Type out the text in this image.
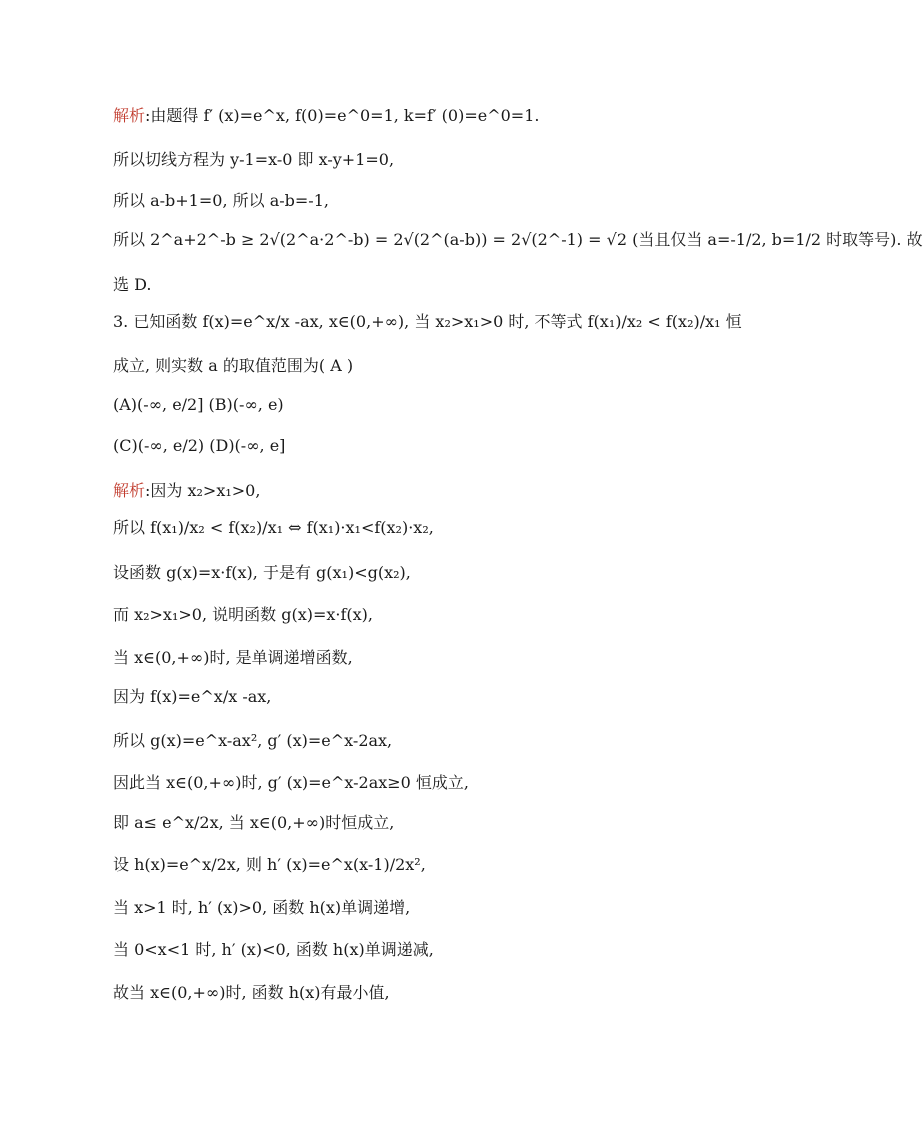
解析:由题得 f′ (x)=e^x, f(0)=e^0=1, k=f′ (0)=e^0=1.
所以切线方程为 y-1=x-0 即 x-y+1=0,
所以 a-b+1=0, 所以 a-b=-1,
所以 2^a+2^-b ≥ 2√(2^a·2^-b) = 2√(2^(a-b)) = 2√(2^-1) = √2 (当且仅当 a=-1/2, b=1/2 时取等号). 故
选 D.
3. 已知函数 f(x)=e^x/x -ax, x∈(0,+∞), 当 x₂>x₁>0 时, 不等式 f(x₁)/x₂ < f(x₂)/x₁ 恒
成立, 则实数 a 的取值范围为( A )
(A)(-∞, e/2] (B)(-∞, e)
(C)(-∞, e/2) (D)(-∞, e]
解析:因为 x₂>x₁>0,
所以 f(x₁)/x₂ < f(x₂)/x₁ ⇔ f(x₁)·x₁<f(x₂)·x₂,
设函数 g(x)=x·f(x), 于是有 g(x₁)<g(x₂),
而 x₂>x₁>0, 说明函数 g(x)=x·f(x),
当 x∈(0,+∞)时, 是单调递增函数,
因为 f(x)=e^x/x -ax,
所以 g(x)=e^x-ax², g′ (x)=e^x-2ax,
因此当 x∈(0,+∞)时, g′ (x)=e^x-2ax≥0 恒成立,
即 a≤ e^x/2x, 当 x∈(0,+∞)时恒成立,
设 h(x)=e^x/2x, 则 h′ (x)=e^x(x-1)/2x²,
当 x>1 时, h′ (x)>0, 函数 h(x)单调递增,
当 0<x<1 时, h′ (x)<0, 函数 h(x)单调递减,
故当 x∈(0,+∞)时, 函数 h(x)有最小值,
